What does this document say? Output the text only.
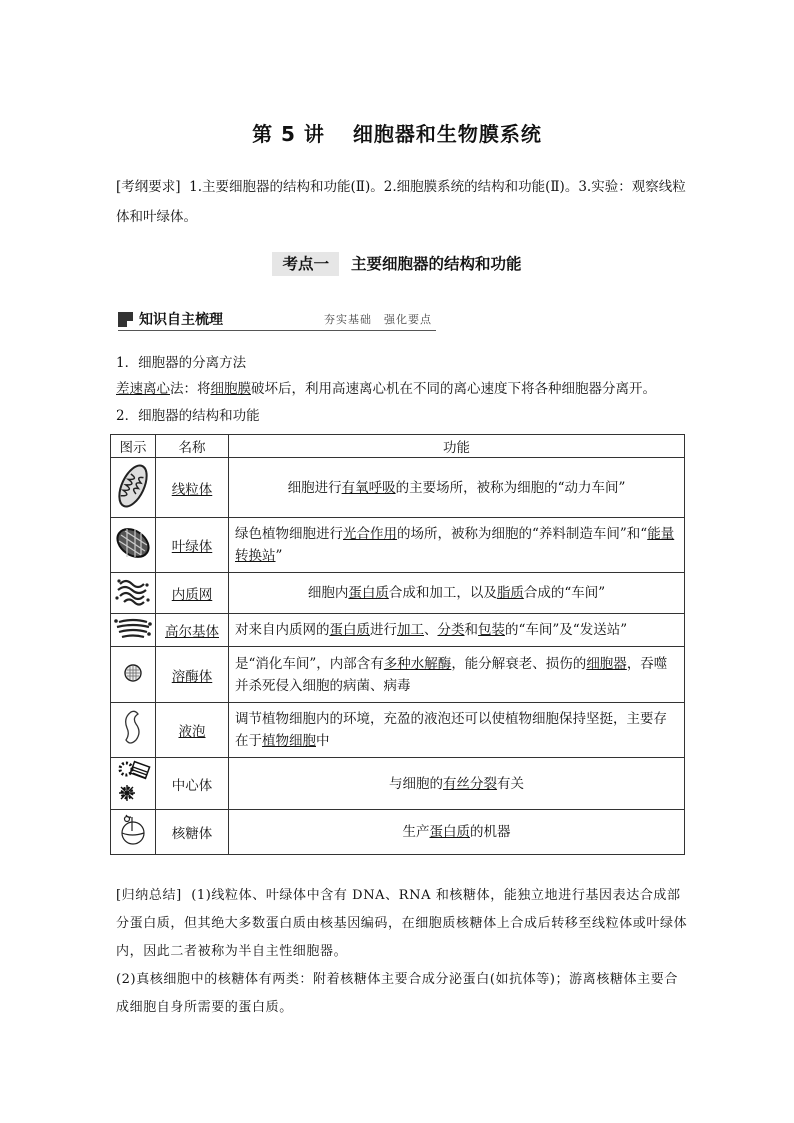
第 5 讲 细胞器和生物膜系统
[考纲要求] 1.主要细胞器的结构和功能(Ⅱ)。2.细胞膜系统的结构和功能(Ⅱ)。3.实验：观察线粒体和叶绿体。
考点一 主要细胞器的结构和功能
知识自主梳理	夯实基础　强化要点
1．细胞器的分离方法
差速离心法：将细胞膜破坏后，利用高速离心机在不同的离心速度下将各种细胞器分离开。
2．细胞器的结构和功能
图示	名称	功能
	线粒体	细胞进行有氧呼吸的主要场所，被称为细胞的“动力车间”
	叶绿体	绿色植物细胞进行光合作用的场所，被称为细胞的“养料制造车间”和“能量转换站”
	内质网	细胞内蛋白质合成和加工，以及脂质合成的“车间”
	高尔基体	对来自内质网的蛋白质进行加工、分类和包装的“车间”及“发送站”
	溶酶体	是“消化车间”，内部含有多种水解酶，能分解衰老、损伤的细胞器，吞噬并杀死侵入细胞的病菌、病毒
	液泡	调节植物细胞内的环境，充盈的液泡还可以使植物细胞保持坚挺，主要存在于植物细胞中
	中心体	与细胞的有丝分裂有关
	核糖体	生产蛋白质的机器
[归纳总结] (1)线粒体、叶绿体中含有 DNA、RNA 和核糖体，能独立地进行基因表达合成部分蛋白质，但其绝大多数蛋白质由核基因编码，在细胞质核糖体上合成后转移至线粒体或叶绿体内，因此二者被称为半自主性细胞器。
(2)真核细胞中的核糖体有两类：附着核糖体主要合成分泌蛋白(如抗体等)；游离核糖体主要合成细胞自身所需要的蛋白质。
